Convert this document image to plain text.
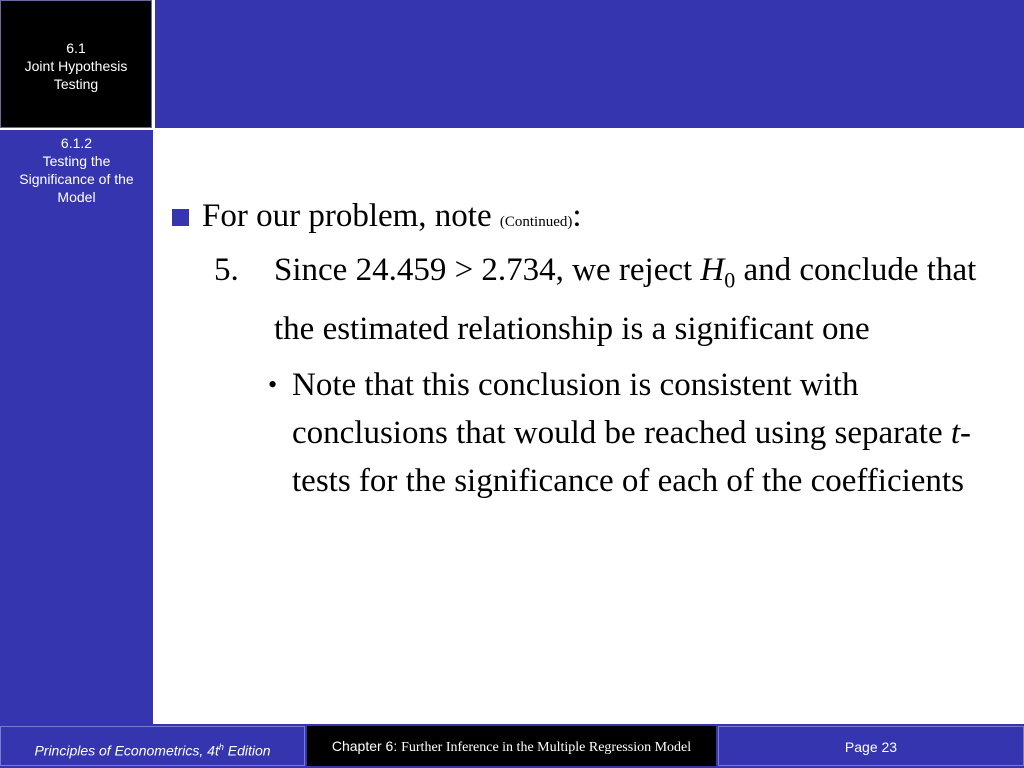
6.1
Joint Hypothesis
Testing
6.1.2
Testing the
Significance of the
Model
For our problem, note (Continued):
5. Since 24.459 > 2.734, we reject $H_0$ and conclude that the estimated relationship is a significant one
• Note that this conclusion is consistent with conclusions that would be reached using separate t-tests for the significance of each of the coefficients
Principles of Econometrics, $4t^h$ Edition	Chapter 6: Further Inference in the Multiple Regression Model	Page 23
